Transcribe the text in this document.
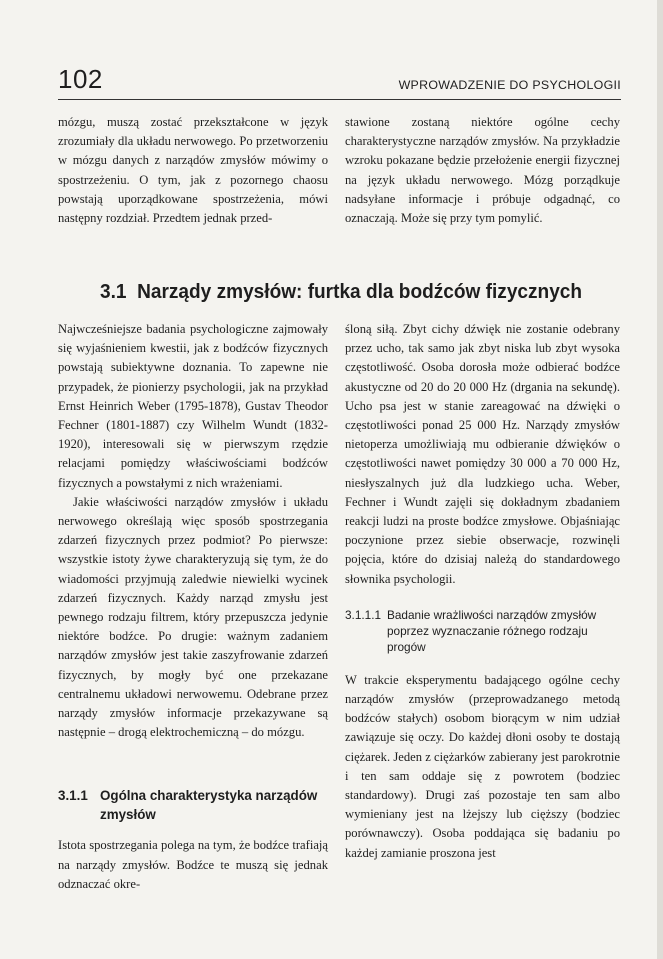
102	WPROWADZENIE DO PSYCHOLOGII

mózgu, muszą zostać przekształcone w język zrozumiały dla układu nerwowego. Po przetworzeniu w mózgu danych z narządów zmysłów mówimy o spostrzeżeniu. O tym, jak z pozornego chaosu powstają uporządkowane spostrzeżenia, mówi następny rozdział. Przedtem jednak przed-

stawione zostaną niektóre ogólne cechy charakterystyczne narządów zmysłów. Na przykładzie wzroku pokazane będzie przełożenie energii fizycznej na język układu nerwowego. Mózg porządkuje nadsyłane informacje i próbuje odgadnąć, co oznaczają. Może się przy tym pomylić.

3.1 Narządy zmysłów: furtka dla bodźców fizycznych

Najwcześniejsze badania psychologiczne zajmowały się wyjaśnieniem kwestii, jak z bodźców fizycznych powstają subiektywne doznania. To zapewne nie przypadek, że pionierzy psychologii, jak na przykład Ernst Heinrich Weber (1795-1878), Gustav Theodor Fechner (1801-1887) czy Wilhelm Wundt (1832-1920), interesowali się w pierwszym rzędzie relacjami pomiędzy właściwościami bodźców fizycznych a powstałymi z nich wrażeniami.

Jakie właściwości narządów zmysłów i układu nerwowego określają więc sposób spostrzegania zdarzeń fizycznych przez podmiot? Po pierwsze: wszystkie istoty żywe charakteryzują się tym, że do wiadomości przyjmują zaledwie niewielki wycinek zdarzeń fizycznych. Każdy narząd zmysłu jest pewnego rodzaju filtrem, który przepuszcza jedynie niektóre bodźce. Po drugie: ważnym zadaniem narządów zmysłów jest takie zaszyfrowanie zdarzeń fizycznych, by mogły być one przekazane centralnemu układowi nerwowemu. Odebrane przez narządy zmysłów informacje przekazywane są następnie – drogą elektrochemiczną – do mózgu.

3.1.1 Ogólna charakterystyka narządów zmysłów

Istota spostrzegania polega na tym, że bodźce trafiają na narządy zmysłów. Bodźce te muszą się jednak odznaczać okre-

śloną siłą. Zbyt cichy dźwięk nie zostanie odebrany przez ucho, tak samo jak zbyt niska lub zbyt wysoka częstotliwość. Osoba dorosła może odbierać bodźce akustyczne od 20 do 20 000 Hz (drgania na sekundę). Ucho psa jest w stanie zareagować na dźwięki o częstotliwości ponad 25 000 Hz. Narządy zmysłów nietoperza umożliwiają mu odbieranie dźwięków o częstotliwości nawet pomiędzy 30 000 a 70 000 Hz, niesłyszalnych już dla ludzkiego ucha. Weber, Fechner i Wundt zajęli się dokładnym zbadaniem reakcji ludzi na proste bodźce zmysłowe. Objaśniając poczynione przez siebie obserwacje, rozwinęli pojęcia, które do dzisiaj należą do standardowego słownika psychologii.

3.1.1.1 Badanie wrażliwości narządów zmysłów poprzez wyznaczanie różnego rodzaju progów

W trakcie eksperymentu badającego ogólne cechy narządów zmysłów (przeprowadzanego metodą bodźców stałych) osobom biorącym w nim udział zawiązuje się oczy. Do każdej dłoni osoby te dostają ciężarek. Jeden z ciężarków zabierany jest parokrotnie i ten sam oddaje się z powrotem (bodziec standardowy). Drugi zaś pozostaje ten sam albo wymieniany jest na lżejszy lub cięższy (bodziec porównawczy). Osoba poddająca się badaniu po każdej zamianie proszona jest
